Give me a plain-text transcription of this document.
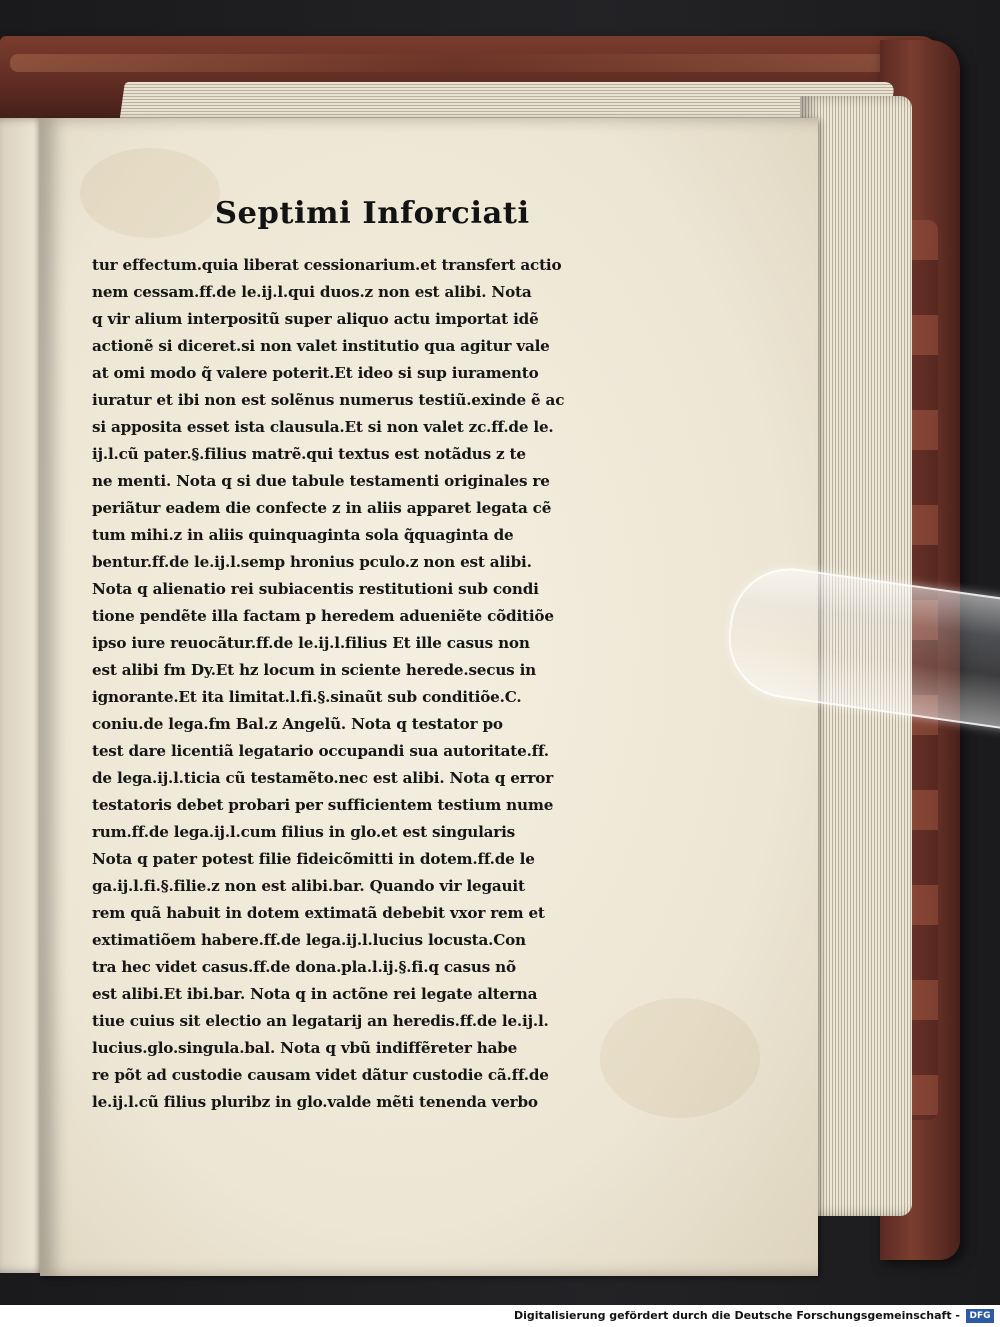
Septimi Inforciati
tur effectum.quia liberat cessionarium.et transfert actio
nem cessam.ff.de le.ij.l.qui duos.z non est alibi. Nota
q vir alium interpositũ super aliquo actu importat idẽ
actionẽ si diceret.si non valet institutio qua agitur vale
at omi modo q̃ valere poterit.Et ideo si sup iuramento
iuratur et ibi non est solẽnus numerus testiũ.exinde ẽ ac
si apposita esset ista clausula.Et si non valet zc.ff.de le.
ij.l.cũ pater.§.filius matrẽ.qui textus est notãdus z te
ne menti. Nota q si due tabule testamenti originales re
periãtur eadem die confecte z in aliis apparet legata cẽ
tum mihi.z in aliis quinquaginta sola q̃quaginta de
bentur.ff.de le.ij.l.semp hronius pculo.z non est alibi.
Nota q alienatio rei subiacentis restitutioni sub condi
tione pendẽte illa factam p heredem adueniẽte cõditiõe
ipso iure reuocãtur.ff.de le.ij.l.filius Et ille casus non
est alibi fm Dy.Et hz locum in sciente herede.secus in
ignorante.Et ita limitat.l.fi.§.sinaũt sub conditiõe.C.
coniu.de lega.fm Bal.z Angelũ. Nota q testator po
test dare licentiã legatario occupandi sua autoritate.ff.
de lega.ij.l.ticia cũ testamẽto.nec est alibi. Nota q error
testatoris debet probari per sufficientem testium nume
rum.ff.de lega.ij.l.cum filius in glo.et est singularis
Nota q pater potest filie fideicõmitti in dotem.ff.de le
ga.ij.l.fi.§.filie.z non est alibi.bar. Quando vir legauit
rem quã habuit in dotem extimatã debebit vxor rem et
extimatiõem habere.ff.de lega.ij.l.lucius locusta.Con
tra hec videt casus.ff.de dona.pla.l.ij.§.fi.q casus nõ
est alibi.Et ibi.bar. Nota q in actõne rei legate alterna
tiue cuius sit electio an legatarij an heredis.ff.de le.ij.l.
lucius.glo.singula.bal. Nota q vbũ indiffẽreter habe
re põt ad custodie causam videt dãtur custodie cã.ff.de
le.ij.l.cũ filius pluribz in glo.valde mẽti tenenda verbo
Digitalisierung gefördert durch die Deutsche Forschungsgemeinschaft -	DFG
